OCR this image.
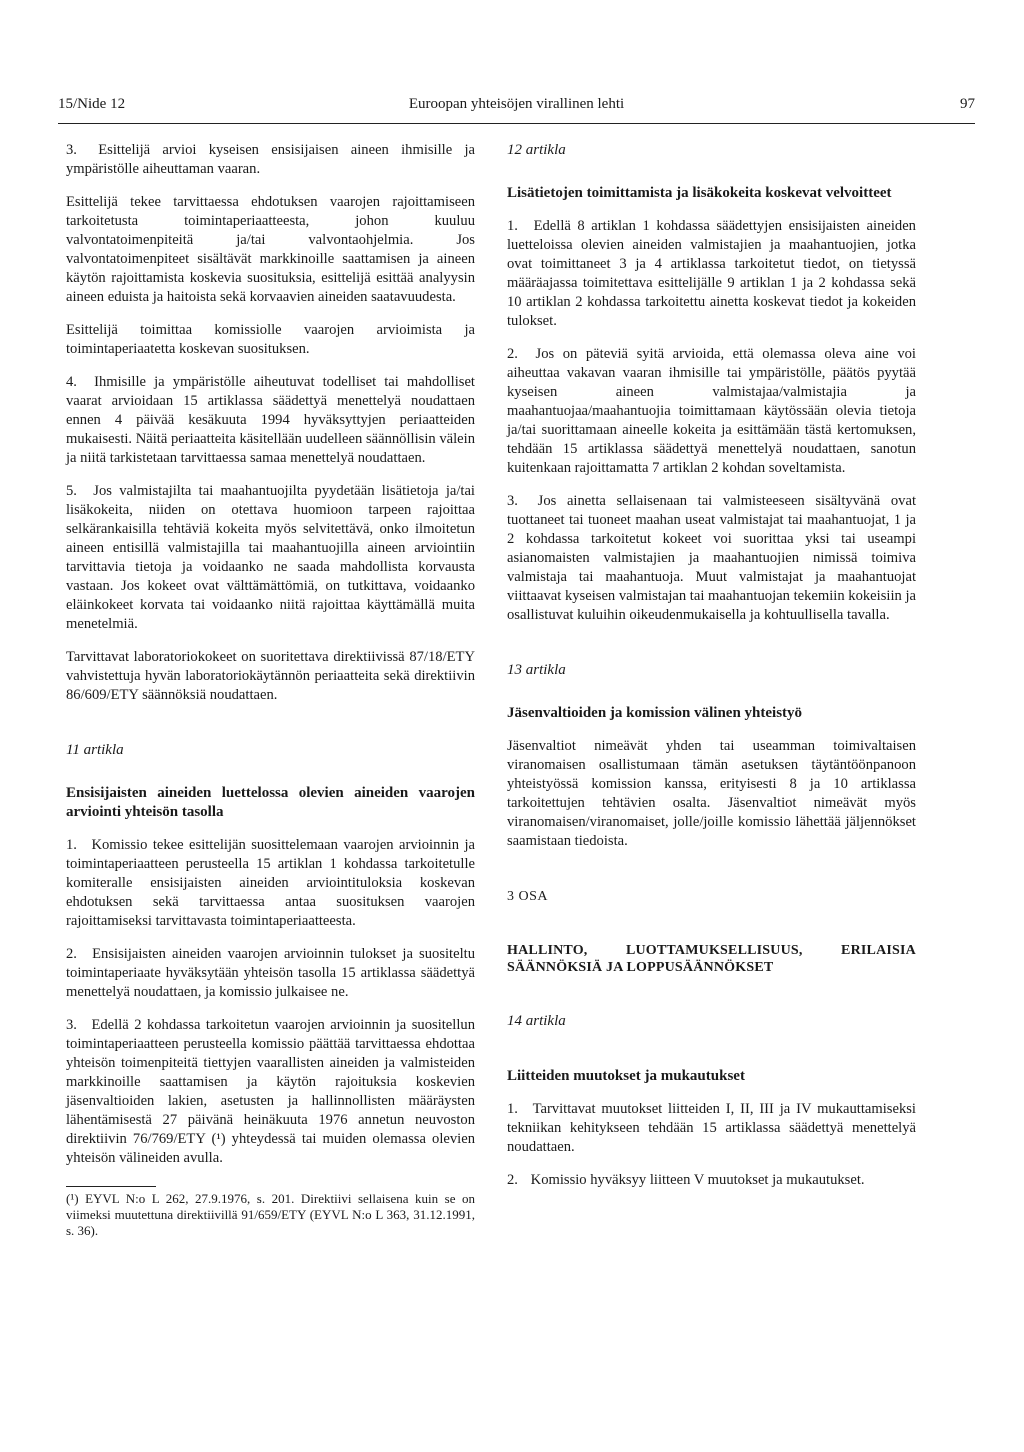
15/Nide 12	Euroopan yhteisöjen virallinen lehti	97

3. Esittelijä arvioi kyseisen ensisijaisen aineen ihmisille ja ympäristölle aiheuttaman vaaran.

Esittelijä tekee tarvittaessa ehdotuksen vaarojen rajoittamiseen tarkoitetusta toimintaperiaatteesta, johon kuuluu valvontatoimenpiteitä ja/tai valvontaohjelmia. Jos valvontatoimenpiteet sisältävät markkinoille saattamisen ja aineen käytön rajoittamista koskevia suosituksia, esittelijä esittää analyysin aineen eduista ja haitoista sekä korvaavien aineiden saatavuudesta.

Esittelijä toimittaa komissiolle vaarojen arvioimista ja toimintaperiaatetta koskevan suosituksen.

4. Ihmisille ja ympäristölle aiheutuvat todelliset tai mahdolliset vaarat arvioidaan 15 artiklassa säädettyä menettelyä noudattaen ennen 4 päivää kesäkuuta 1994 hyväksyttyjen periaatteiden mukaisesti. Näitä periaatteita käsitellään uudelleen säännöllisin välein ja niitä tarkistetaan tarvittaessa samaa menettelyä noudattaen.

5. Jos valmistajilta tai maahantuojilta pyydetään lisätietoja ja/tai lisäkokeita, niiden on otettava huomioon tarpeen rajoittaa selkärankaisilla tehtäviä kokeita myös selvitettävä, onko ilmoitetun aineen entisillä valmistajilla tai maahantuojilla aineen arviointiin tarvittavia tietoja ja voidaanko ne saada mahdollista korvausta vastaan. Jos kokeet ovat välttämättömiä, on tutkittava, voidaanko eläinkokeet korvata tai voidaanko niitä rajoittaa käyttämällä muita menetelmiä.

Tarvittavat laboratoriokokeet on suoritettava direktiivissä 87/18/ETY vahvistettuja hyvän laboratoriokäytännön periaatteita sekä direktiivin 86/609/ETY säännöksiä noudattaen.

11 artikla

Ensisijaisten aineiden luettelossa olevien aineiden vaarojen arviointi yhteisön tasolla

1. Komissio tekee esittelijän suosittelemaan vaarojen arvioinnin ja toimintaperiaatteen perusteella 15 artiklan 1 kohdassa tarkoitetulle komiteralle ensisijaisten aineiden arviointituloksia koskevan ehdotuksen sekä tarvittaessa antaa suosituksen vaarojen rajoittamiseksi tarvittavasta toimintaperiaatteesta.

2. Ensisijaisten aineiden vaarojen arvioinnin tulokset ja suositeltu toimintaperiaate hyväksytään yhteisön tasolla 15 artiklassa säädettyä menettelyä noudattaen, ja komissio julkaisee ne.

3. Edellä 2 kohdassa tarkoitetun vaarojen arvioinnin ja suositellun toimintaperiaatteen perusteella komissio päättää tarvittaessa ehdottaa yhteisön toimenpiteitä tiettyjen vaarallisten aineiden ja valmisteiden markkinoille saattamisen ja käytön rajoituksia koskevien jäsenvaltioiden lakien, asetusten ja hallinnollisten määräysten lähentämisestä 27 päivänä heinäkuuta 1976 annetun neuvoston direktiivin 76/769/ETY (¹) yhteydessä tai muiden olemassa olevien yhteisön välineiden avulla.

(¹) EYVL N:o L 262, 27.9.1976, s. 201. Direktiivi sellaisena kuin se on viimeksi muutettuna direktiivillä 91/659/ETY (EYVL N:o L 363, 31.12.1991, s. 36).

12 artikla

Lisätietojen toimittamista ja lisäkokeita koskevat velvoitteet

1. Edellä 8 artiklan 1 kohdassa säädettyjen ensisijaisten aineiden luetteloissa olevien aineiden valmistajien ja maahantuojien, jotka ovat toimittaneet 3 ja 4 artiklassa tarkoitetut tiedot, on tietyssä määräajassa toimitettava esittelijälle 9 artiklan 1 ja 2 kohdassa sekä 10 artiklan 2 kohdassa tarkoitettu ainetta koskevat tiedot ja kokeiden tulokset.

2. Jos on päteviä syitä arvioida, että olemassa oleva aine voi aiheuttaa vakavan vaaran ihmisille tai ympäristölle, päätös pyytää kyseisen aineen valmistajaa/valmistajia ja maahantuojaa/maahantuojia toimittamaan käytössään olevia tietoja ja/tai suorittamaan aineelle kokeita ja esittämään tästä kertomuksen, tehdään 15 artiklassa säädettyä menettelyä noudattaen, sanotun kuitenkaan rajoittamatta 7 artiklan 2 kohdan soveltamista.

3. Jos ainetta sellaisenaan tai valmisteeseen sisältyvänä ovat tuottaneet tai tuoneet maahan useat valmistajat tai maahantuojat, 1 ja 2 kohdassa tarkoitetut kokeet voi suorittaa yksi tai useampi asianomaisten valmistajien ja maahantuojien nimissä toimiva valmistaja tai maahantuoja. Muut valmistajat ja maahantuojat viittaavat kyseisen valmistajan tai maahantuojan tekemiin kokeisiin ja osallistuvat kuluihin oikeudenmukaisella ja kohtuullisella tavalla.

13 artikla

Jäsenvaltioiden ja komission välinen yhteistyö

Jäsenvaltiot nimeävät yhden tai useamman toimivaltaisen viranomaisen osallistumaan tämän asetuksen täytäntöönpanoon yhteistyössä komission kanssa, erityisesti 8 ja 10 artiklassa tarkoitettujen tehtävien osalta. Jäsenvaltiot nimeävät myös viranomaisen/viranomaiset, jolle/joille komissio lähettää jäljennökset saamistaan tiedoista.

3 OSA

HALLINTO, LUOTTAMUKSELLISUUS, ERILAISIA SÄÄNNÖKSIÄ JA LOPPUSÄÄNNÖKSET

14 artikla

Liitteiden muutokset ja mukautukset

1. Tarvittavat muutokset liitteiden I, II, III ja IV mukauttamiseksi tekniikan kehitykseen tehdään 15 artiklassa säädettyä menettelyä noudattaen.

2. Komissio hyväksyy liitteen V muutokset ja mukautukset.
